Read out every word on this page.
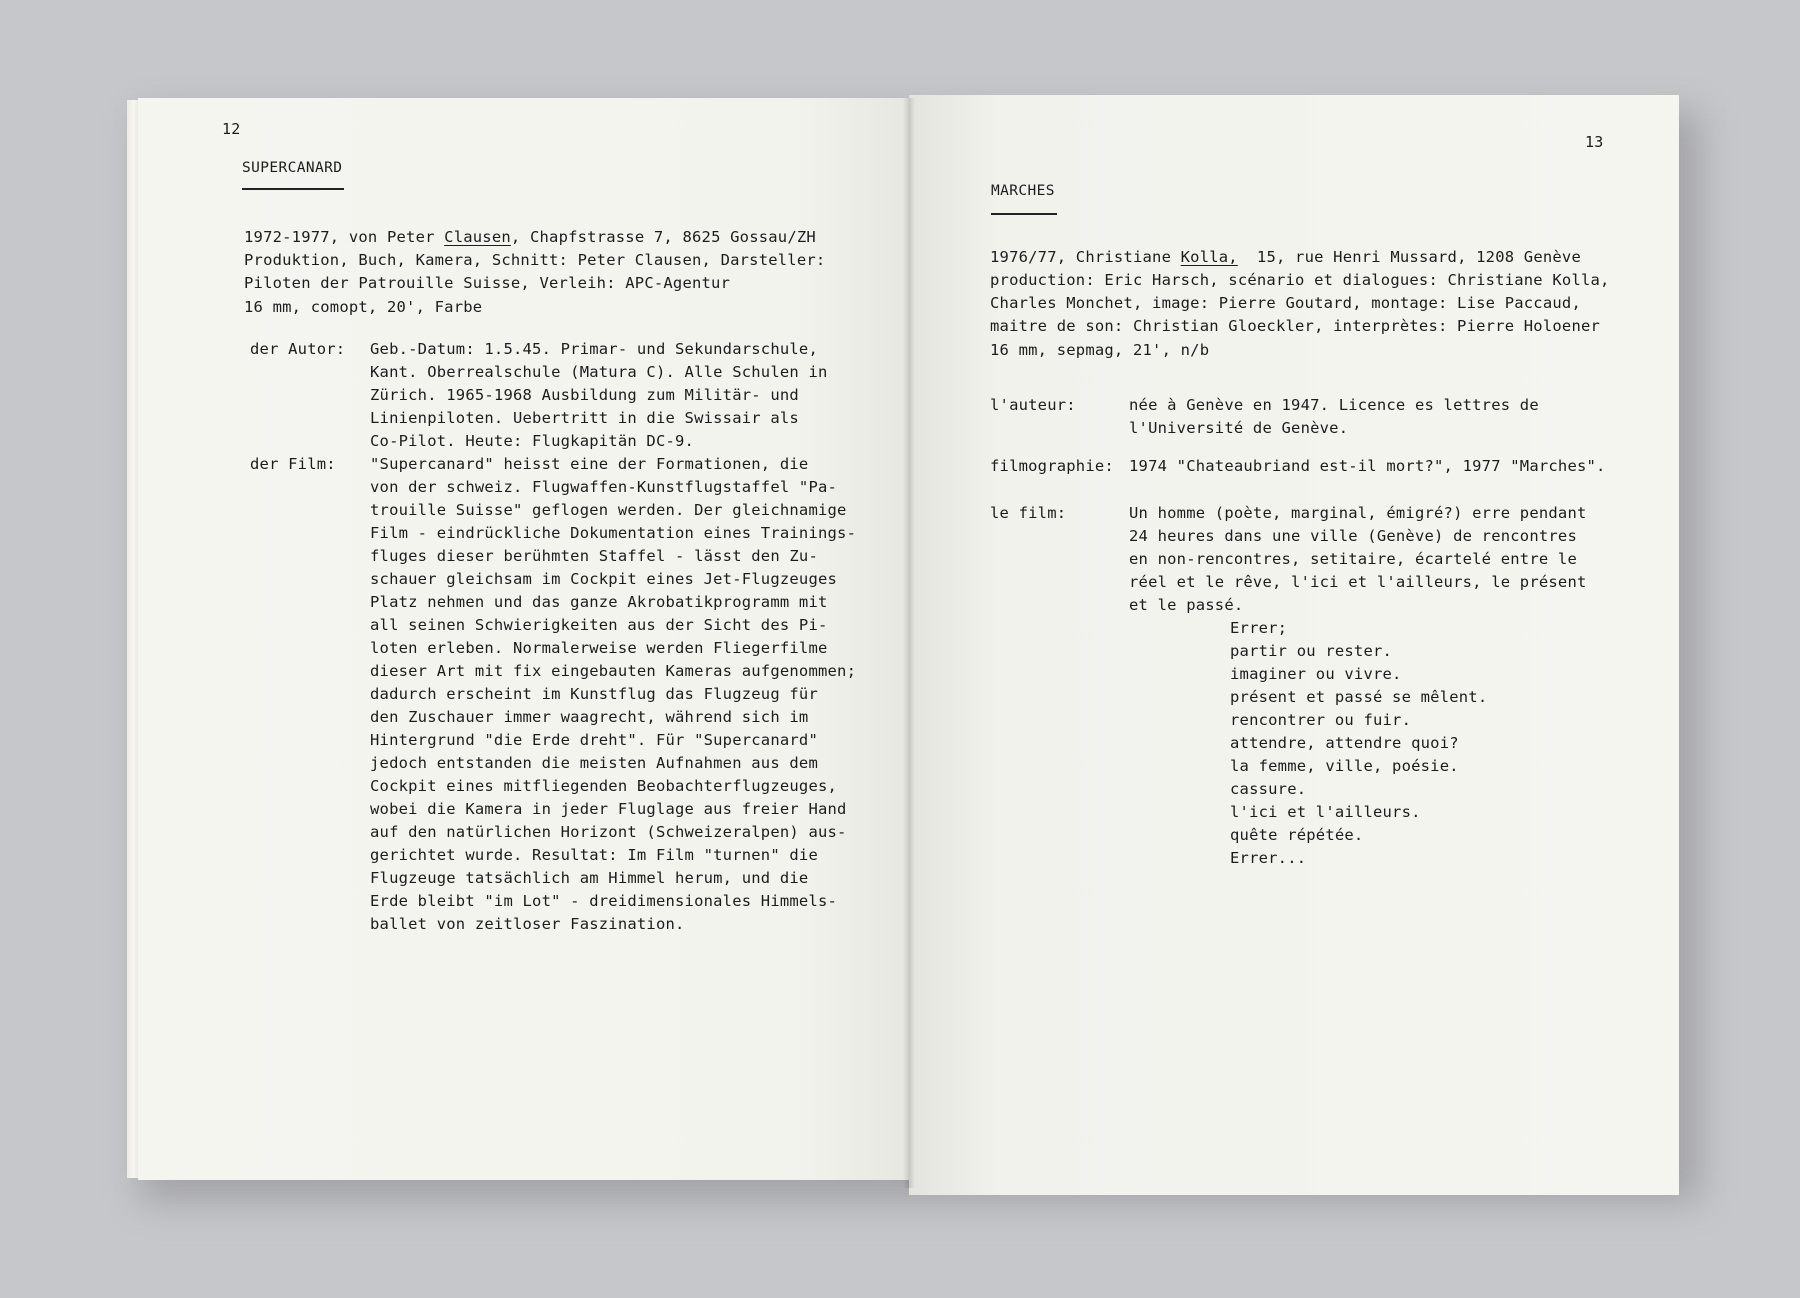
12
SUPERCANARD
1972-1977, von Peter Clausen, Chapfstrasse 7, 8625 Gossau/ZH
Produktion, Buch, Kamera, Schnitt: Peter Clausen, Darsteller:
Piloten der Patrouille Suisse, Verleih: APC-Agentur
16 mm, comopt, 20', Farbe
der Autor: Geb.-Datum: 1.5.45. Primar- und Sekundarschule,
Kant. Oberrealschule (Matura C). Alle Schulen in
Zürich. 1965-1968 Ausbildung zum Militär- und
Linienpiloten. Uebertritt in die Swissair als
Co-Pilot. Heute: Flugkapitän DC-9.
der Film: "Supercanard" heisst eine der Formationen, die
von der schweiz. Flugwaffen-Kunstflugstaffel "Pa-
trouille Suisse" geflogen werden. Der gleichnamige
Film - eindrückliche Dokumentation eines Trainings-
fluges dieser berühmten Staffel - lässt den Zu-
schauer gleichsam im Cockpit eines Jet-Flugzeuges
Platz nehmen und das ganze Akrobatikprogramm mit
all seinen Schwierigkeiten aus der Sicht des Pi-
loten erleben. Normalerweise werden Fliegerfilme
dieser Art mit fix eingebauten Kameras aufgenommen;
dadurch erscheint im Kunstflug das Flugzeug für
den Zuschauer immer waagrecht, während sich im
Hintergrund "die Erde dreht". Für "Supercanard"
jedoch entstanden die meisten Aufnahmen aus dem
Cockpit eines mitfliegenden Beobachterflugzeuges,
wobei die Kamera in jeder Fluglage aus freier Hand
auf den natürlichen Horizont (Schweizeralpen) aus-
gerichtet wurde. Resultat: Im Film "turnen" die
Flugzeuge tatsächlich am Himmel herum, und die
Erde bleibt "im Lot" - dreidimensionales Himmels-
ballet von zeitloser Faszination.
13
MARCHES
1976/77, Christiane Kolla,  15, rue Henri Mussard, 1208 Genève
production: Eric Harsch, scénario et dialogues: Christiane Kolla,
Charles Monchet, image: Pierre Goutard, montage: Lise Paccaud,
maitre de son: Christian Gloeckler, interprètes: Pierre Holoener
16 mm, sepmag, 21', n/b
l'auteur:	née à Genève en 1947. Licence es lettres de
l'Université de Genève.
filmographie: 1974 "Chateaubriand est-il mort?", 1977 "Marches".
le film:	Un homme (poète, marginal, émigré?) erre pendant
24 heures dans une ville (Genève) de rencontres
en non-rencontres, setitaire, écartelé entre le
réel et le rêve, l'ici et l'ailleurs, le présent
et le passé.
Errer;
partir ou rester.
imaginer ou vivre.
présent et passé se mêlent.
rencontrer ou fuir.
attendre, attendre quoi?
la femme, ville, poésie.
cassure.
l'ici et l'ailleurs.
quête répétée.
Errer...
